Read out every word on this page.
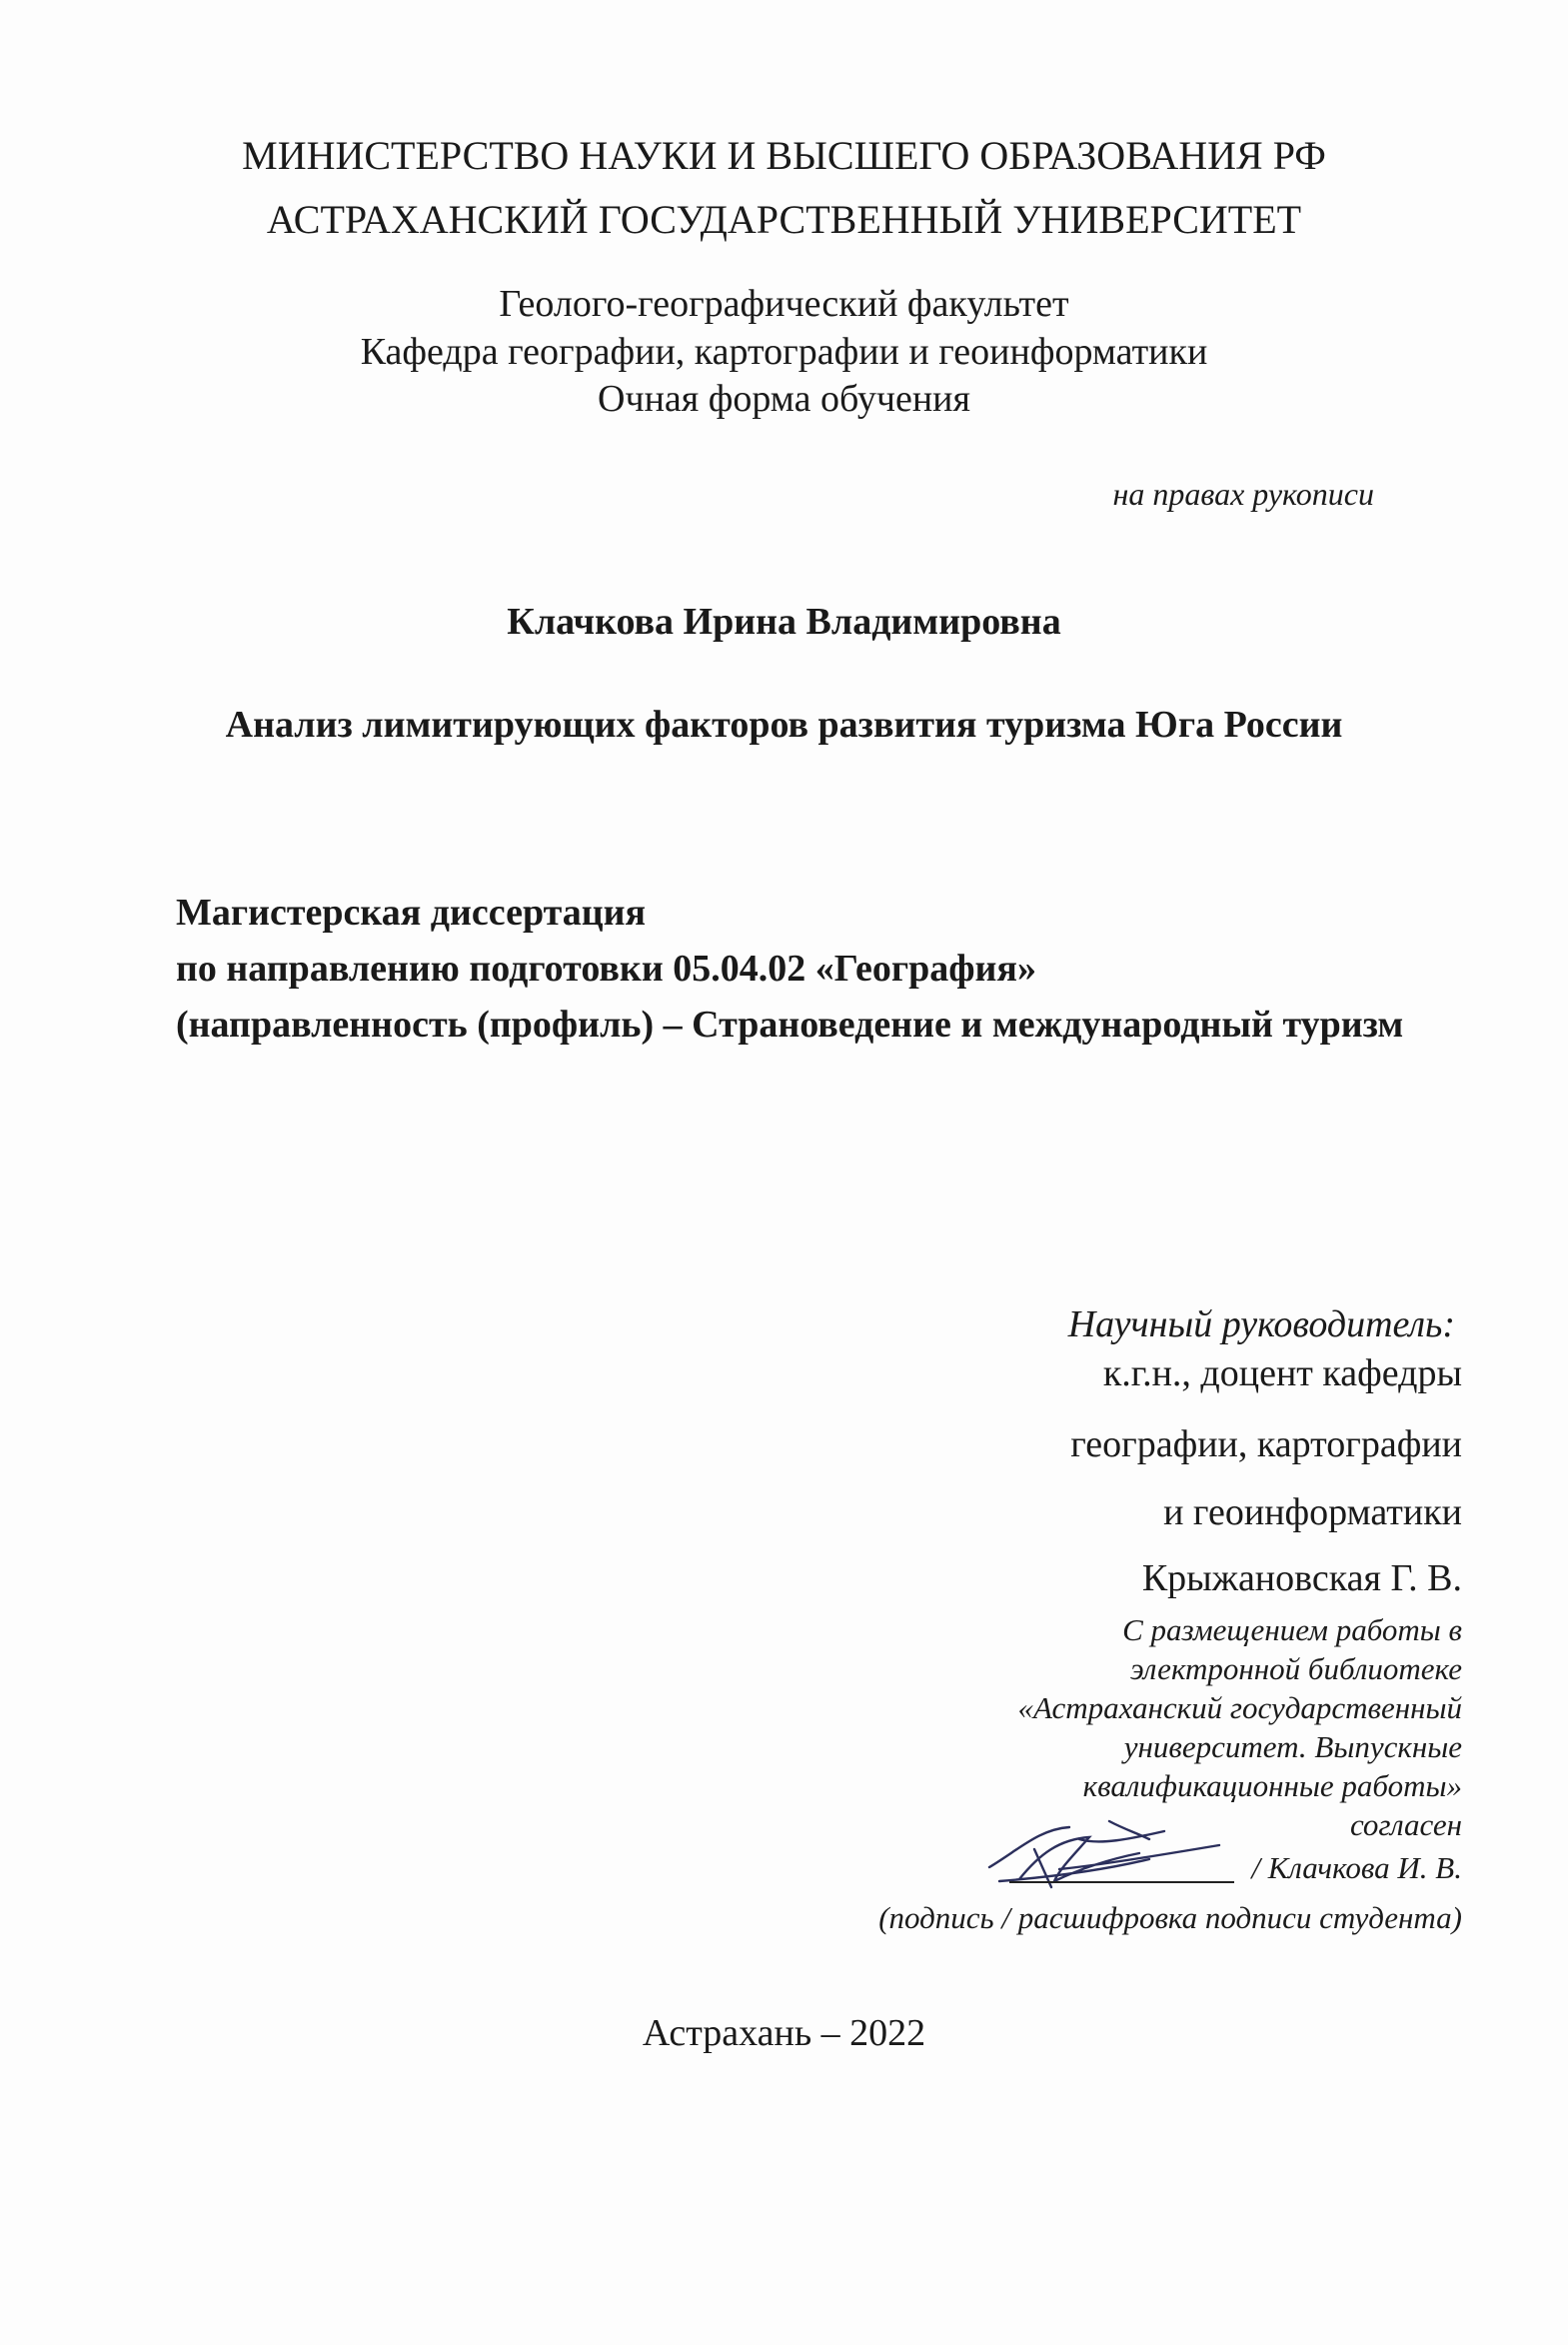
МИНИСТЕРСТВО НАУКИ И ВЫСШЕГО ОБРАЗОВАНИЯ РФ
АСТРАХАНСКИЙ ГОСУДАРСТВЕННЫЙ УНИВЕРСИТЕТ
Геолого-географический факультет
Кафедра географии, картографии и геоинформатики
Очная форма обучения
на правах рукописи
Клачкова Ирина Владимировна
Анализ лимитирующих факторов развития туризма Юга России
Магистерская диссертация
по направлению подготовки 05.04.02 «География»
(направленность (профиль) – Страноведение и международный туризм
Научный руководитель:
к.г.н., доцент кафедры
географии, картографии
и геоинформатики
Крыжановская Г. В.
С размещением работы в
электронной библиотеке
«Астраханский государственный
университет. Выпускные
квалификационные работы»
согласен
/ Клачкова И. В.
(подпись / расшифровка подписи студента)
Астрахань – 2022
